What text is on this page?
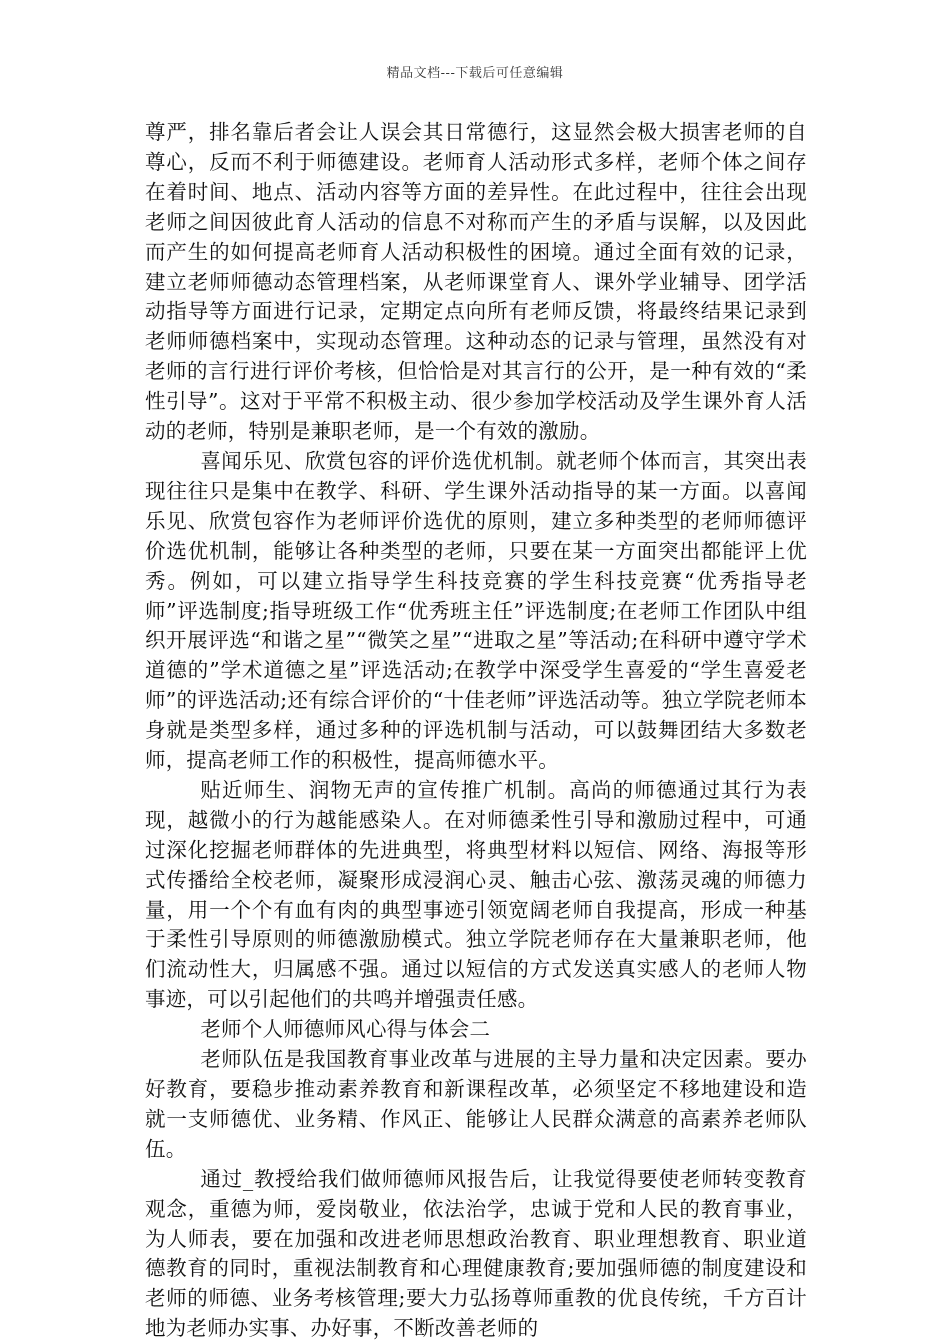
精品文档---下载后可任意编辑

尊严，排名靠后者会让人误会其日常德行，这显然会极大损害老师的自尊心，反而不利于师德建设。老师育人活动形式多样，老师个体之间存在着时间、地点、活动内容等方面的差异性。在此过程中，往往会出现老师之间因彼此育人活动的信息不对称而产生的矛盾与误解，以及因此而产生的如何提高老师育人活动积极性的困境。通过全面有效的记录，建立老师师德动态管理档案，从老师课堂育人、课外学业辅导、团学活动指导等方面进行记录，定期定点向所有老师反馈，将最终结果记录到老师师德档案中，实现动态管理。这种动态的记录与管理，虽然没有对老师的言行进行评价考核，但恰恰是对其言行的公开，是一种有效的“柔性引导”。这对于平常不积极主动、很少参加学校活动及学生课外育人活动的老师，特别是兼职老师，是一个有效的激励。

喜闻乐见、欣赏包容的评价选优机制。就老师个体而言，其突出表现往往只是集中在教学、科研、学生课外活动指导的某一方面。以喜闻乐见、欣赏包容作为老师评价选优的原则，建立多种类型的老师师德评价选优机制，能够让各种类型的老师，只要在某一方面突出都能评上优秀。例如，可以建立指导学生科技竞赛的学生科技竞赛“优秀指导老师”评选制度;指导班级工作“优秀班主任”评选制度;在老师工作团队中组织开展评选“和谐之星”“微笑之星”“进取之星”等活动;在科研中遵守学术道德的”学术道德之星”评选活动;在教学中深受学生喜爱的“学生喜爱老师”的评选活动;还有综合评价的“十佳老师”评选活动等。独立学院老师本身就是类型多样，通过多种的评选机制与活动，可以鼓舞团结大多数老师，提高老师工作的积极性，提高师德水平。

贴近师生、润物无声的宣传推广机制。高尚的师德通过其行为表现，越微小的行为越能感染人。在对师德柔性引导和激励过程中，可通过深化挖掘老师群体的先进典型，将典型材料以短信、网络、海报等形式传播给全校老师，凝聚形成浸润心灵、触击心弦、激荡灵魂的师德力量，用一个个有血有肉的典型事迹引领宽阔老师自我提高，形成一种基于柔性引导原则的师德激励模式。独立学院老师存在大量兼职老师，他们流动性大，归属感不强。通过以短信的方式发送真实感人的老师人物事迹，可以引起他们的共鸣并增强责任感。

老师个人师德师风心得与体会二

老师队伍是我国教育事业改革与进展的主导力量和决定因素。要办好教育，要稳步推动素养教育和新课程改革，必须坚定不移地建设和造就一支师德优、业务精、作风正、能够让人民群众满意的高素养老师队伍。

通过_教授给我们做师德师风报告后，让我觉得要使老师转变教育观念，重德为师，爱岗敬业，依法治学，忠诚于党和人民的教育事业，为人师表，要在加强和改进老师思想政治教育、职业理想教育、职业道德教育的同时，重视法制教育和心理健康教育;要加强师德的制度建设和老师的师德、业务考核管理;要大力弘扬尊师重教的优良传统，千方百计地为老师办实事、办好事，不断改善老师的
